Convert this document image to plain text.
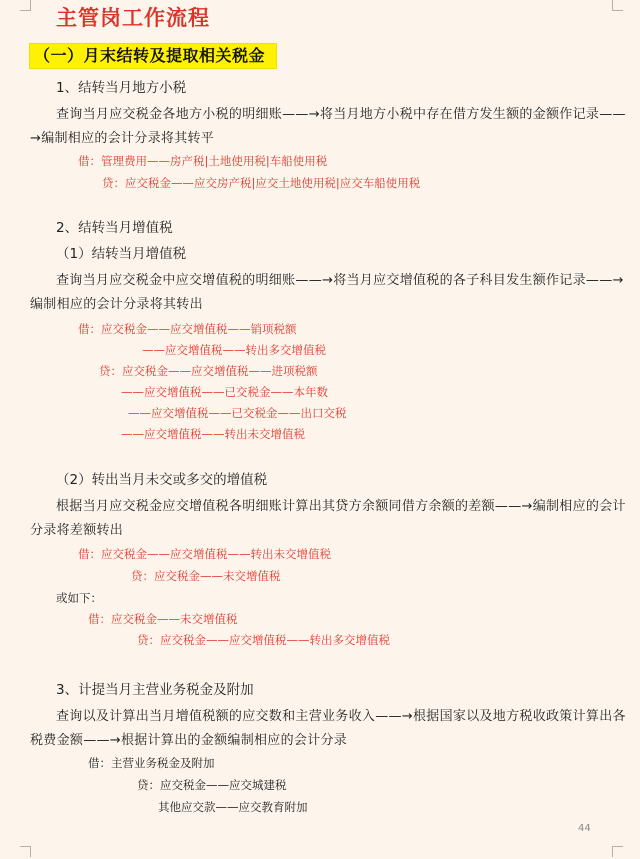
主管岗工作流程
（一）月末结转及提取相关税金
1、结转当月地方小税
查询当月应交税金各地方小税的明细账——→将当月地方小税中存在借方发生额的金额作记录——
→编制相应的会计分录将其转平
借：管理费用——房产税|土地使用税|车船使用税
贷：应交税金——应交房产税|应交土地使用税|应交车船使用税
2、结转当月增值税
（1）结转当月增值税
查询当月应交税金中应交增值税的明细账——→将当月应交增值税的各子科目发生额作记录——→
编制相应的会计分录将其转出
借：应交税金——应交增值税——销项税额
——应交增值税——转出多交增值税
贷：应交税金——应交增值税——进项税额
——应交增值税——已交税金——本年数
——应交增值税——已交税金——出口交税
——应交增值税——转出未交增值税
（2）转出当月未交或多交的增值税
根据当月应交税金应交增值税各明细账计算出其贷方余额同借方余额的差额——→编制相应的会计
分录将差额转出
借：应交税金——应交增值税——转出未交增值税
贷：应交税金——未交增值税
或如下：
借：应交税金——未交增值税
贷：应交税金——应交增值税——转出多交增值税
3、计提当月主营业务税金及附加
查询以及计算出当月增值税额的应交数和主营业务收入——→根据国家以及地方税收政策计算出各
税费金额——→根据计算出的金额编制相应的会计分录
借：主营业务税金及附加
贷：应交税金——应交城建税
其他应交款——应交教育附加
44
